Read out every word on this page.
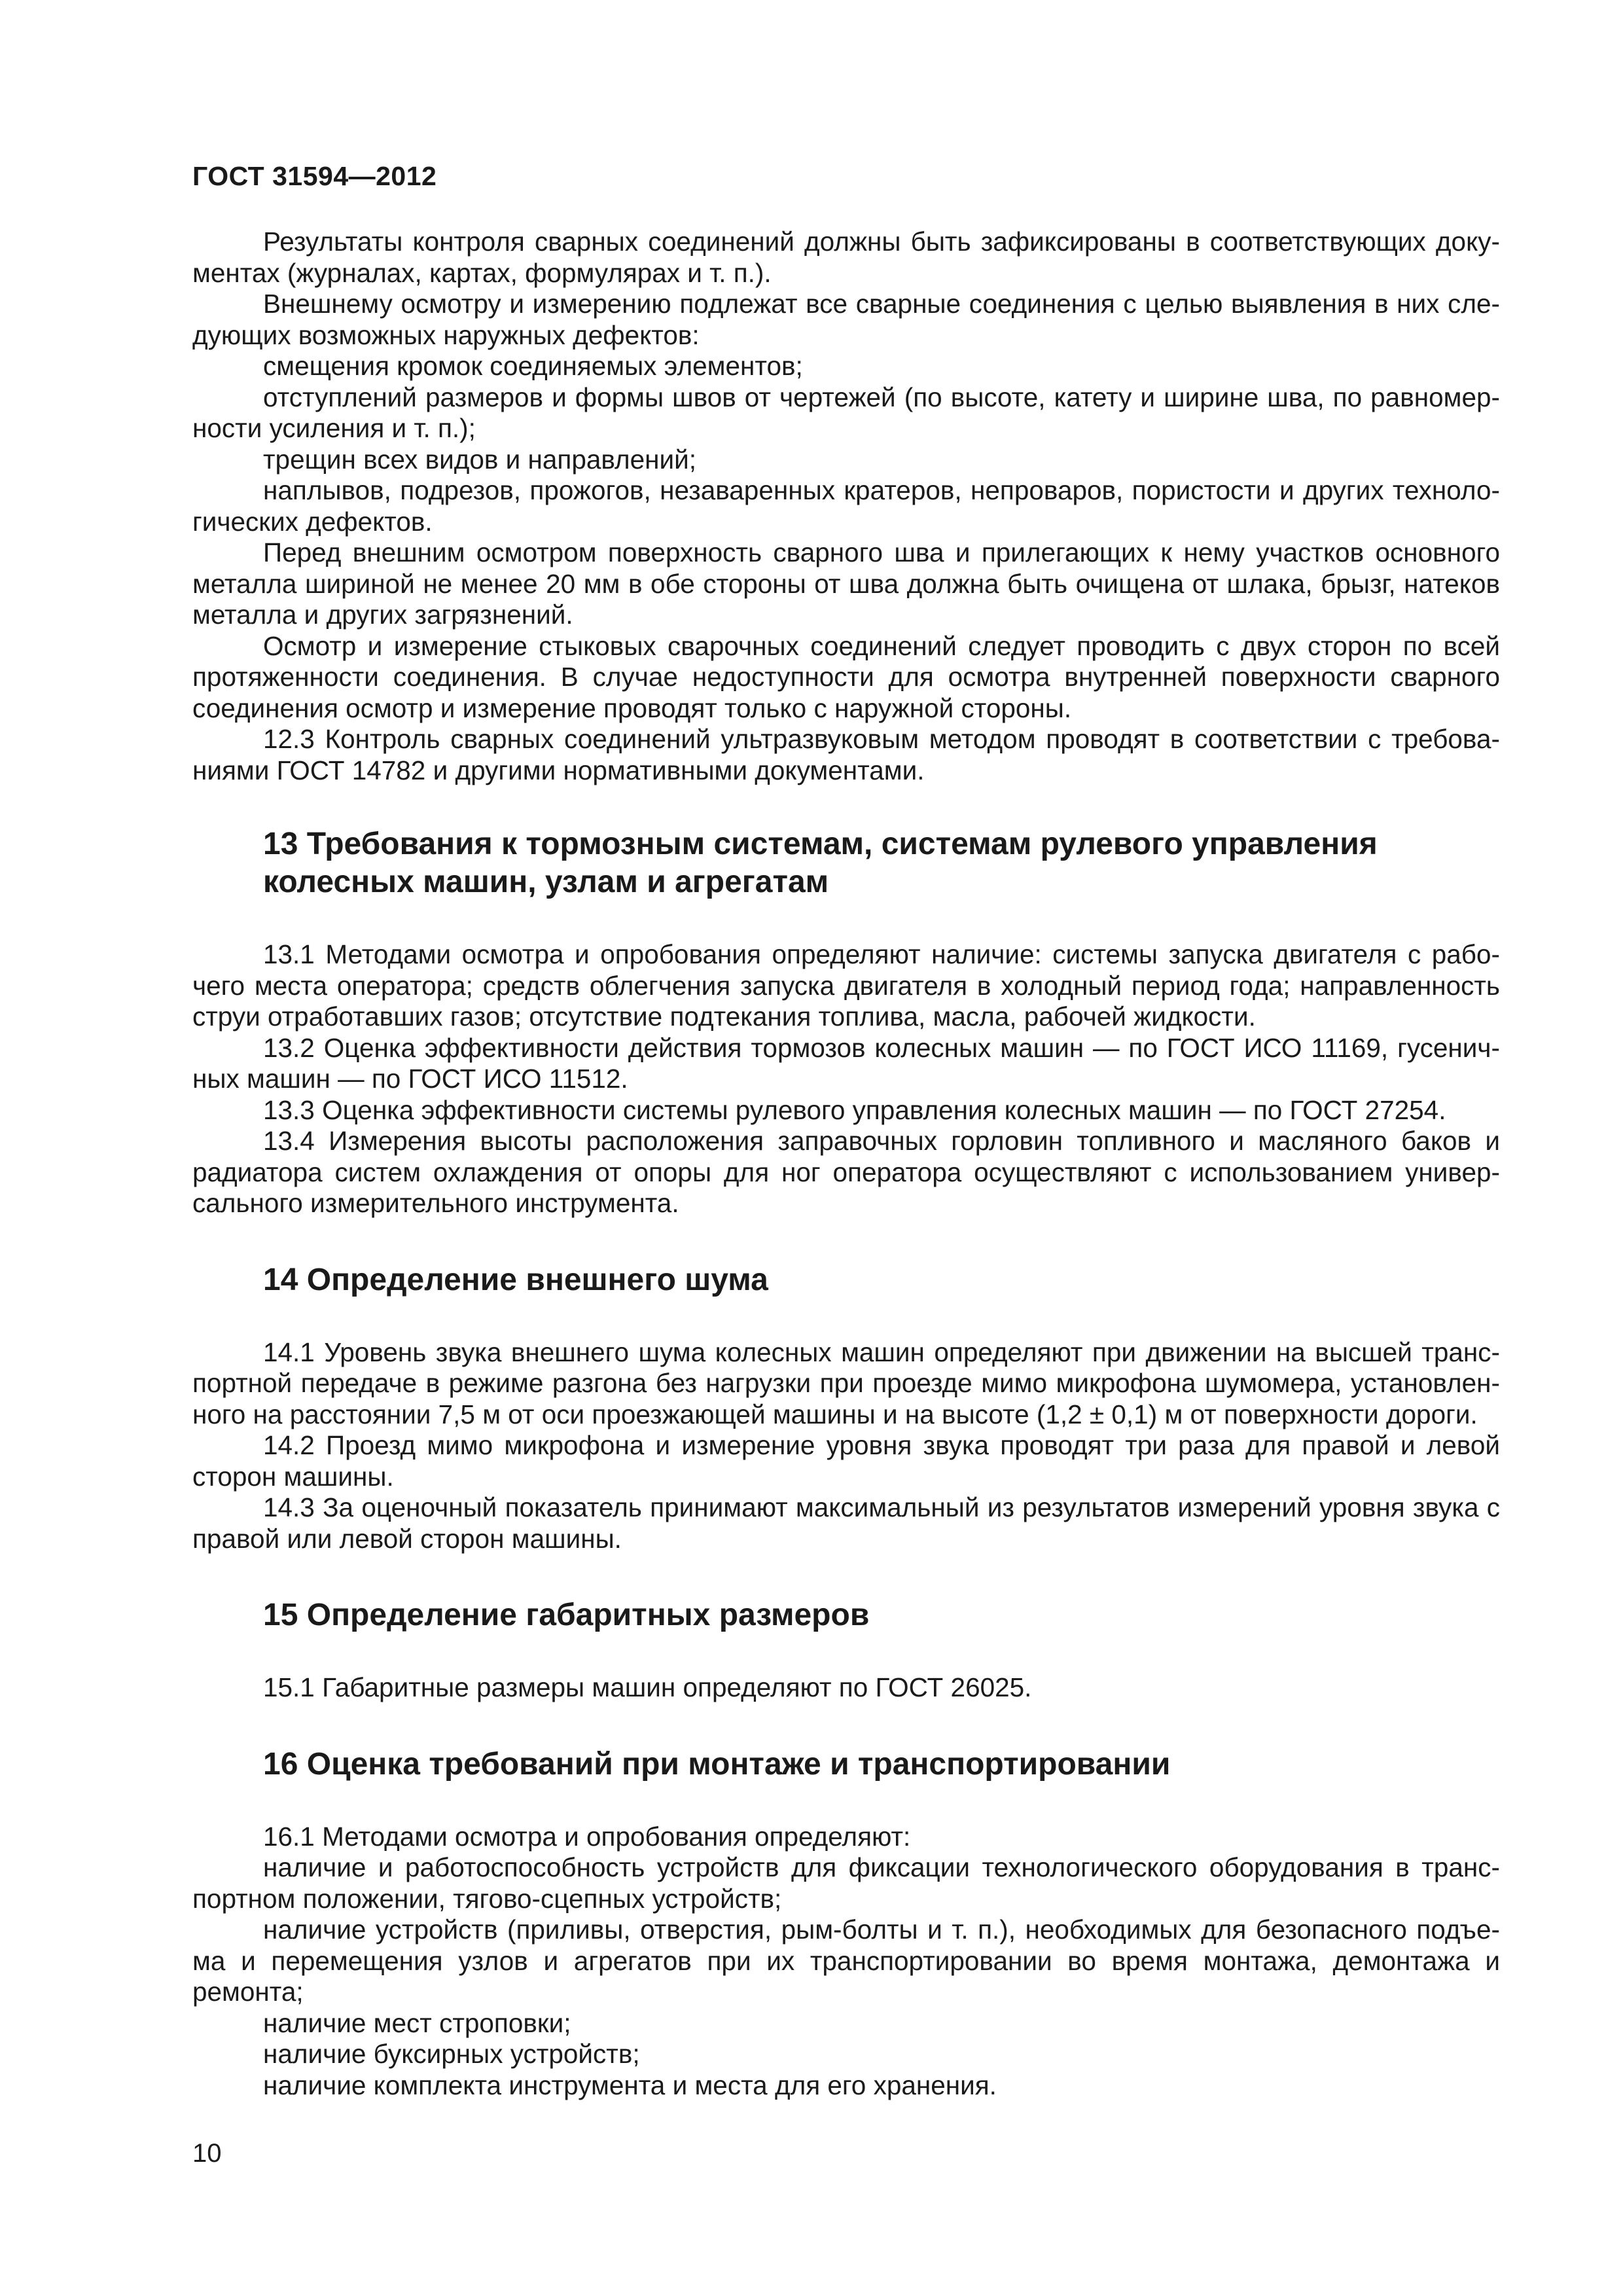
ГОСТ 31594—2012

Результаты контроля сварных соединений должны быть зафиксированы в соответствующих доку-ментах (журналах, картах, формулярах и т. п.).

Внешнему осмотру и измерению подлежат все сварные соединения с целью выявления в них сле-дующих возможных наружных дефектов:

смещения кромок соединяемых элементов;

отступлений размеров и формы швов от чертежей (по высоте, катету и ширине шва, по равномер-ности усиления и т. п.);

трещин всех видов и направлений;

наплывов, подрезов, прожогов, незаваренных кратеров, непроваров, пористости и других техноло-гических дефектов.

Перед внешним осмотром поверхность сварного шва и прилегающих к нему участков основного металла шириной не менее 20 мм в обе стороны от шва должна быть очищена от шлака, брызг, натеков металла и других загрязнений.

Осмотр и измерение стыковых сварочных соединений следует проводить с двух сторон по всей протяженности соединения. В случае недоступности для осмотра внутренней поверхности сварного соединения осмотр и измерение проводят только с наружной стороны.

12.3 Контроль сварных соединений ультразвуковым методом проводят в соответствии с требова-ниями ГОСТ 14782 и другими нормативными документами.

13 Требования к тормозным системам, системам рулевого управления колесных машин, узлам и агрегатам

13.1 Методами осмотра и опробования определяют наличие: системы запуска двигателя с рабо-чего места оператора; средств облегчения запуска двигателя в холодный период года; направленность струи отработавших газов; отсутствие подтекания топлива, масла, рабочей жидкости.

13.2 Оценка эффективности действия тормозов колесных машин — по ГОСТ ИСО 11169, гусенич-ных машин — по ГОСТ ИСО 11512.

13.3 Оценка эффективности системы рулевого управления колесных машин — по ГОСТ 27254.

13.4 Измерения высоты расположения заправочных горловин топливного и масляного баков и радиатора систем охлаждения от опоры для ног оператора осуществляют с использованием универ-сального измерительного инструмента.

14 Определение внешнего шума

14.1 Уровень звука внешнего шума колесных машин определяют при движении на высшей транс-портной передаче в режиме разгона без нагрузки при проезде мимо микрофона шумомера, установлен-ного на расстоянии 7,5 м от оси проезжающей машины и на высоте (1,2 ± 0,1) м от поверхности дороги.

14.2 Проезд мимо микрофона и измерение уровня звука проводят три раза для правой и левой сторон машины.

14.3 За оценочный показатель принимают максимальный из результатов измерений уровня звука с правой или левой сторон машины.

15 Определение габаритных размеров

15.1 Габаритные размеры машин определяют по ГОСТ 26025.

16 Оценка требований при монтаже и транспортировании

16.1 Методами осмотра и опробования определяют:

наличие и работоспособность устройств для фиксации технологического оборудования в транс-портном положении, тягово-сцепных устройств;

наличие устройств (приливы, отверстия, рым-болты и т. п.), необходимых для безопасного подъе-ма и перемещения узлов и агрегатов при их транспортировании во время монтажа, демонтажа и ремонта;

наличие мест строповки;

наличие буксирных устройств;

наличие комплекта инструмента и места для его хранения.

10
